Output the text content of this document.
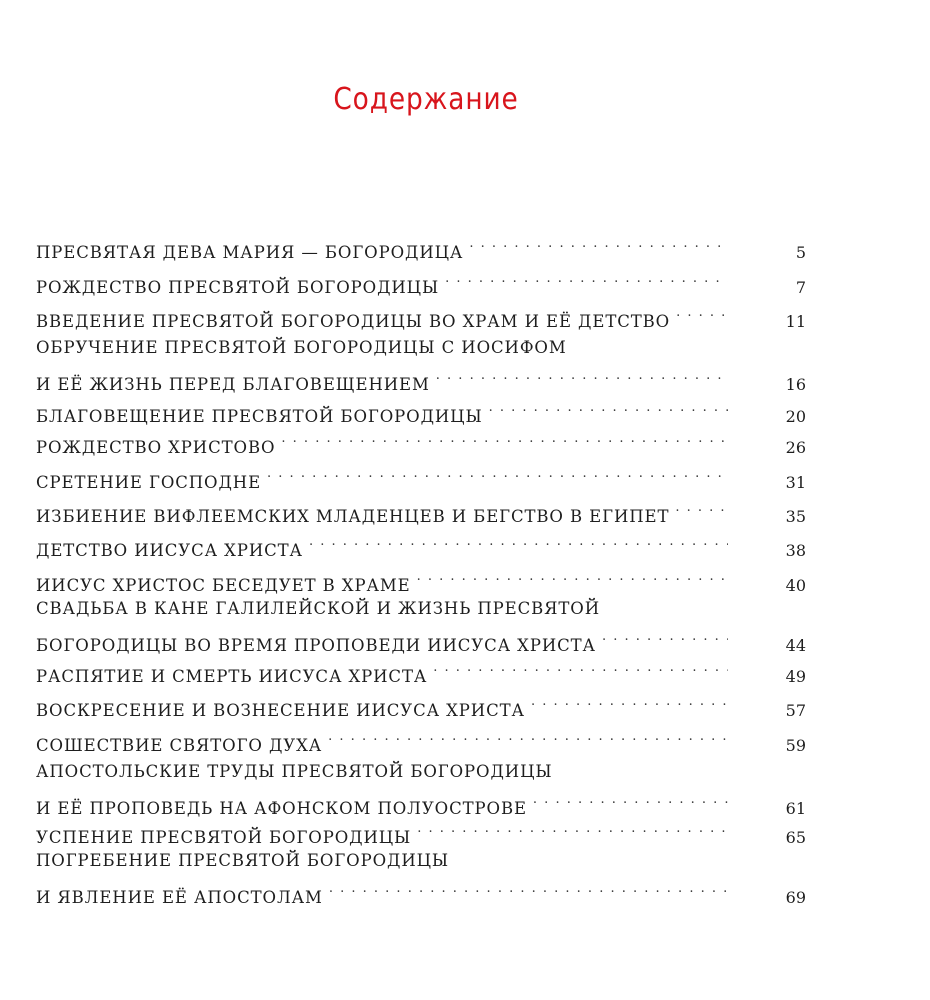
Содержание
ПРЕСВЯТАЯ ДЕВА МАРИЯ — БОГОРОДИЦА . . .	5
РОЖДЕСТВО ПРЕСВЯТОЙ БОГОРОДИЦЫ . . .	7
ВВЕДЕНИЕ ПРЕСВЯТОЙ БОГОРОДИЦЫ ВО ХРАМ И ЕЁ ДЕТСТВО . . .	11
ОБРУЧЕНИЕ ПРЕСВЯТОЙ БОГОРОДИЦЫ С ИОСИФОМ
И ЕЁ ЖИЗНЬ ПЕРЕД БЛАГОВЕЩЕНИЕМ . . .	16
БЛАГОВЕЩЕНИЕ ПРЕСВЯТОЙ БОГОРОДИЦЫ . . .	20
РОЖДЕСТВО ХРИСТОВО . . .	26
СРЕТЕНИЕ ГОСПОДНЕ . . .	31
ИЗБИЕНИЕ ВИФЛЕЕМСКИХ МЛАДЕНЦЕВ И БЕГСТВО В ЕГИПЕТ . . .	35
ДЕТСТВО ИИСУСА ХРИСТА . . .	38
ИИСУС ХРИСТОС БЕСЕДУЕТ В ХРАМЕ . . .	40
СВАДЬБА В КАНЕ ГАЛИЛЕЙСКОЙ И ЖИЗНЬ ПРЕСВЯТОЙ
БОГОРОДИЦЫ ВО ВРЕМЯ ПРОПОВЕДИ ИИСУСА ХРИСТА . . .	44
РАСПЯТИЕ И СМЕРТЬ ИИСУСА ХРИСТА . . .	49
ВОСКРЕСЕНИЕ И ВОЗНЕСЕНИЕ ИИСУСА ХРИСТА . . .	57
СОШЕСТВИЕ СВЯТОГО ДУХА . . .	59
АПОСТОЛЬСКИЕ ТРУДЫ ПРЕСВЯТОЙ БОГОРОДИЦЫ
И ЕЁ ПРОПОВЕДЬ НА АФОНСКОМ ПОЛУОСТРОВЕ . . .	61
УСПЕНИЕ ПРЕСВЯТОЙ БОГОРОДИЦЫ . . .	65
ПОГРЕБЕНИЕ ПРЕСВЯТОЙ БОГОРОДИЦЫ
И ЯВЛЕНИЕ ЕЁ АПОСТОЛАМ . . .	69
